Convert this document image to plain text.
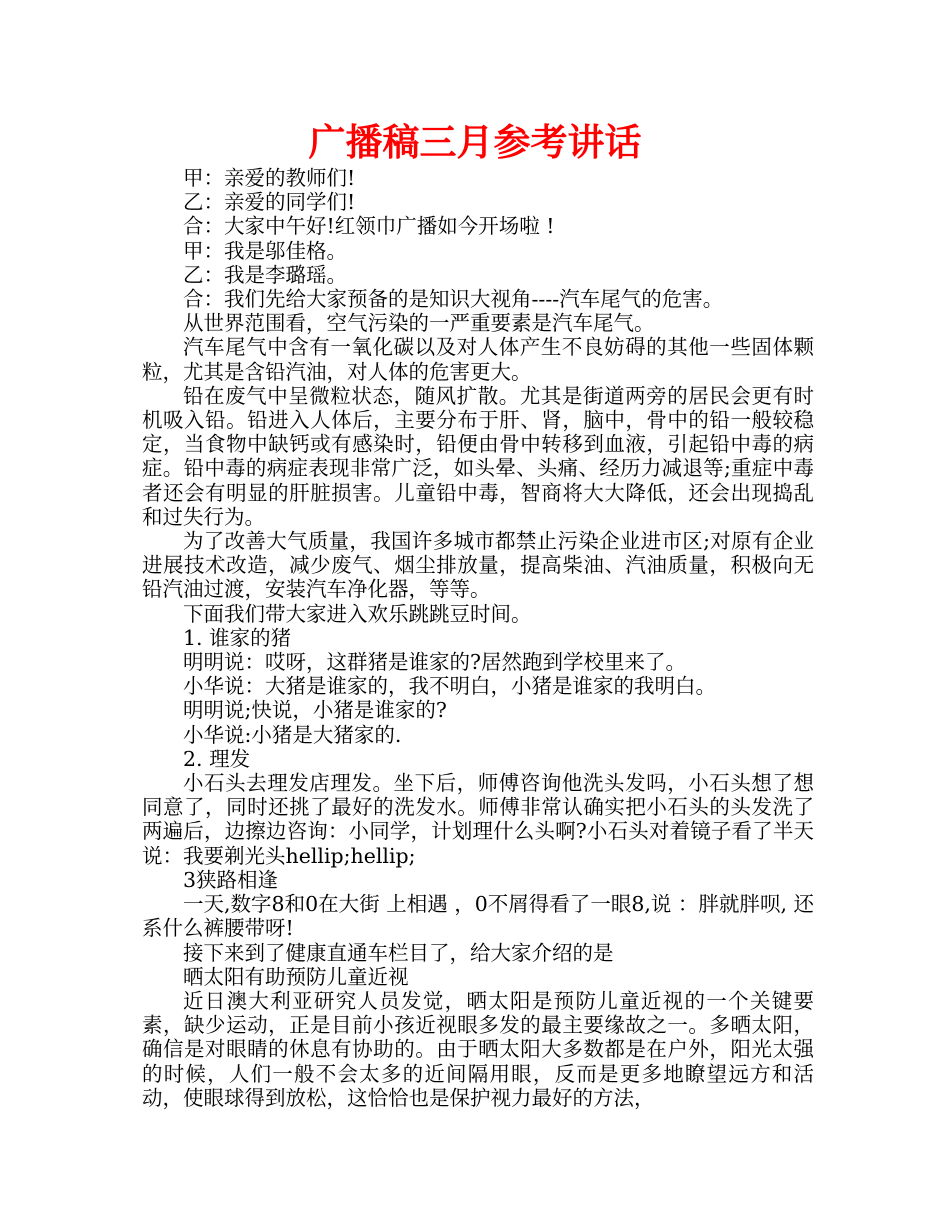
广播稿三月参考讲话

甲：亲爱的教师们!

乙：亲爱的同学们!

合：大家中午好!红领巾广播如今开场啦 !

甲：我是邬佳格。

乙：我是李璐瑶。

合：我们先给大家预备的是知识大视角----汽车尾气的危害。

从世界范围看，空气污染的一严重要素是汽车尾气。

汽车尾气中含有一氧化碳以及对人体产生不良妨碍的其他一些固体颗粒，尤其是含铅汽油，对人体的危害更大。

铅在废气中呈微粒状态，随风扩散。尤其是街道两旁的居民会更有时机吸入铅。铅进入人体后，主要分布于肝、肾，脑中，骨中的铅一般较稳定，当食物中缺钙或有感染时，铅便由骨中转移到血液，引起铅中毒的病症。铅中毒的病症表现非常广泛，如头晕、头痛、经历力减退等;重症中毒者还会有明显的肝脏损害。儿童铅中毒，智商将大大降低，还会出现捣乱和过失行为。

为了改善大气质量，我国许多城市都禁止污染企业进市区;对原有企业进展技术改造，减少废气、烟尘排放量，提高柴油、汽油质量，积极向无铅汽油过渡，安装汽车净化器，等等。

下面我们带大家进入欢乐跳跳豆时间。

1. 谁家的猪

明明说：哎呀，这群猪是谁家的?居然跑到学校里来了。

小华说：大猪是谁家的，我不明白，小猪是谁家的我明白。

明明说;快说，小猪是谁家的?

小华说:小猪是大猪家的.

2. 理发

小石头去理发店理发。坐下后，师傅咨询他洗头发吗，小石头想了想同意了，同时还挑了最好的洗发水。师傅非常认确实把小石头的头发洗了两遍后，边擦边咨询：小同学，计划理什么头啊?小石头对着镜子看了半天说：我要剃光头hellip;hellip;

3狭路相逢

一天,数字8和0在大街 上相遇 ，0不屑得看了一眼8,说 ：胖就胖呗, 还系什么裤腰带呀!

接下来到了健康直通车栏目了，给大家介绍的是

晒太阳有助预防儿童近视

近日澳大利亚研究人员发觉，晒太阳是预防儿童近视的一个关键要素，缺少运动，正是目前小孩近视眼多发的最主要缘故之一。多晒太阳，确信是对眼睛的休息有协助的。由于晒太阳大多数都是在户外，阳光太强的时候，人们一般不会太多的近间隔用眼，反而是更多地瞭望远方和活动，使眼球得到放松，这恰恰也是保护视力最好的方法，
